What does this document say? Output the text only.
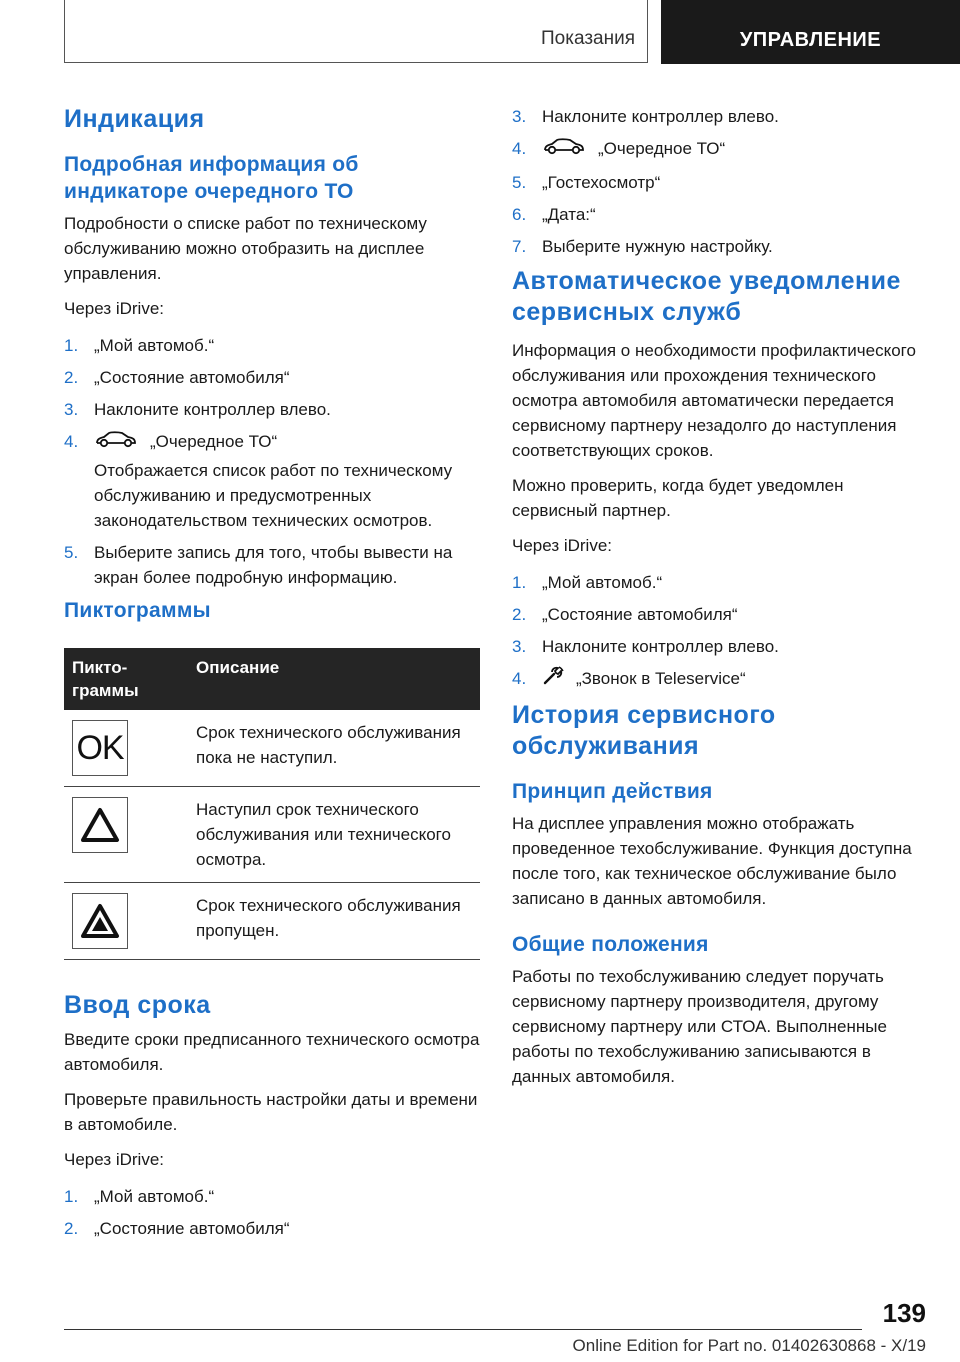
Показания	УПРАВЛЕНИЕ
Индикация
Подробная информация об индикаторе очередного ТО

Подробности о списке работ по техническому обслуживанию можно отобразить на дисплее управления.

Через iDrive:

1. „Мой автомоб.“
2. „Состояние автомобиля“
3. Наклоните контроллер влево.
4.	„Очередное ТО“
Отображается список работ по техническому обслуживанию и предусмотренных законодательством технических осмотров.
5. Выберите запись для того, чтобы вывести на экран более подробную информацию.
Пиктограммы
Пиктограммы	Описание

OK	Срок технического обслуживания пока не наступил.

	Наступил срок технического обслуживания или технического осмотра.

	Срок технического обслуживания пропущен.
Ввод срока

Введите сроки предписанного технического осмотра автомобиля.

Проверьте правильность настройки даты и времени в автомобиле.

Через iDrive:

1. „Мой автомоб.“
2. „Состояние автомобиля“
3. Наклоните контроллер влево.
4.	„Очередное ТО“
5. „Гостехосмотр“
6. „Дата:“
7. Выберите нужную настройку.
Автоматическое уведомление сервисных служб

Информация о необходимости профилактического обслуживания или прохождения технического осмотра автомобиля автоматически передается сервисному партнеру незадолго до наступления соответствующих сроков.

Можно проверить, когда будет уведомлен сервисный партнер.

Через iDrive:

1. „Мой автомоб.“
2. „Состояние автомобиля“
3. Наклоните контроллер влево.
4.	„Звонок в Teleservice“
История сервисного обслуживания
Принцип действия

На дисплее управления можно отображать проведенное техобслуживание. Функция доступна после того, как техническое обслуживание было записано в данных автомобиля.

Общие положения

Работы по техобслуживанию следует поручать сервисному партнеру производителя, другому сервисному партнеру или СТОА. Выполненные работы по техобслуживанию записываются в данных автомобиля.

139
Online Edition for Part no. 01402630868 - X/19
